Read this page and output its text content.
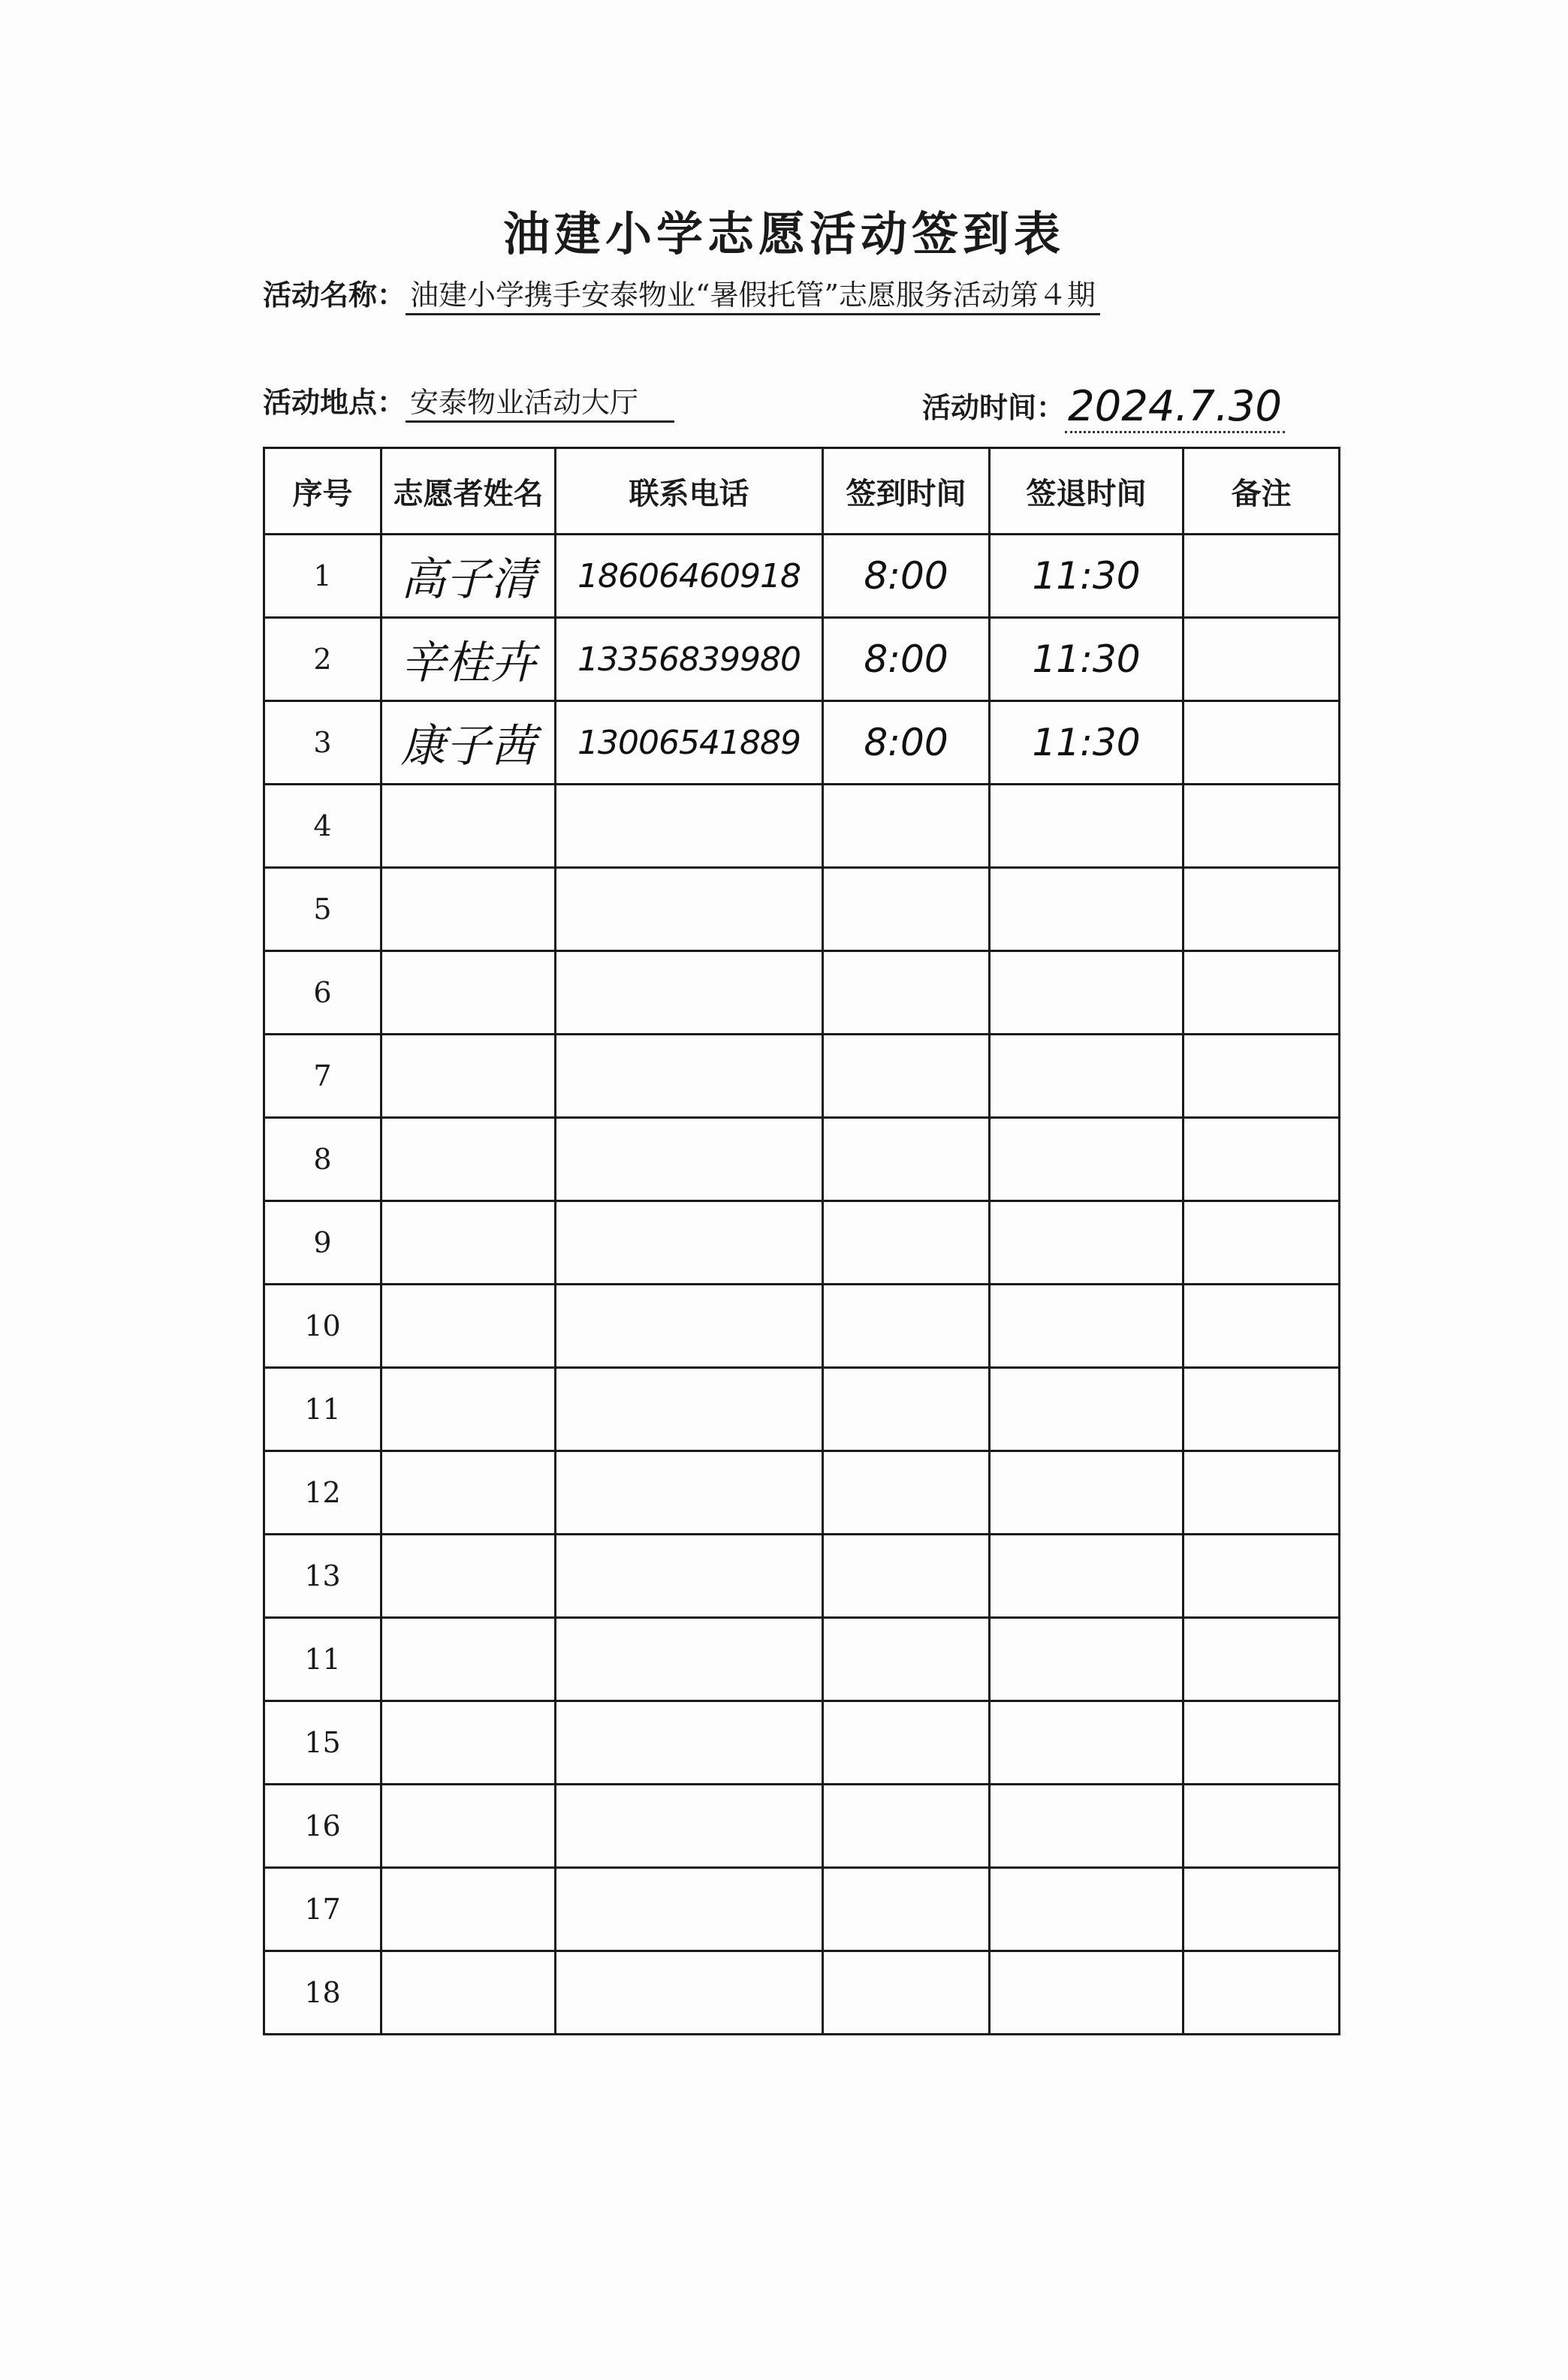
油建小学志愿活动签到表
活动名称： 油建小学携手安泰物业“暑假托管”志愿服务活动第４期
活动地点： 安泰物业活动大厅	活动时间：2024.7.30
序号	志愿者姓名	联系电话	签到时间	签退时间	备注
1	高子清	18606460918	8:00	11:30	
2	辛桂卉	13356839980	8:00	11:30	
3	康子茜	13006541889	8:00	11:30	
4					
5					
6					
7					
8					
9					
10					
11					
12					
13					
11					
15					
16					
17					
18					
